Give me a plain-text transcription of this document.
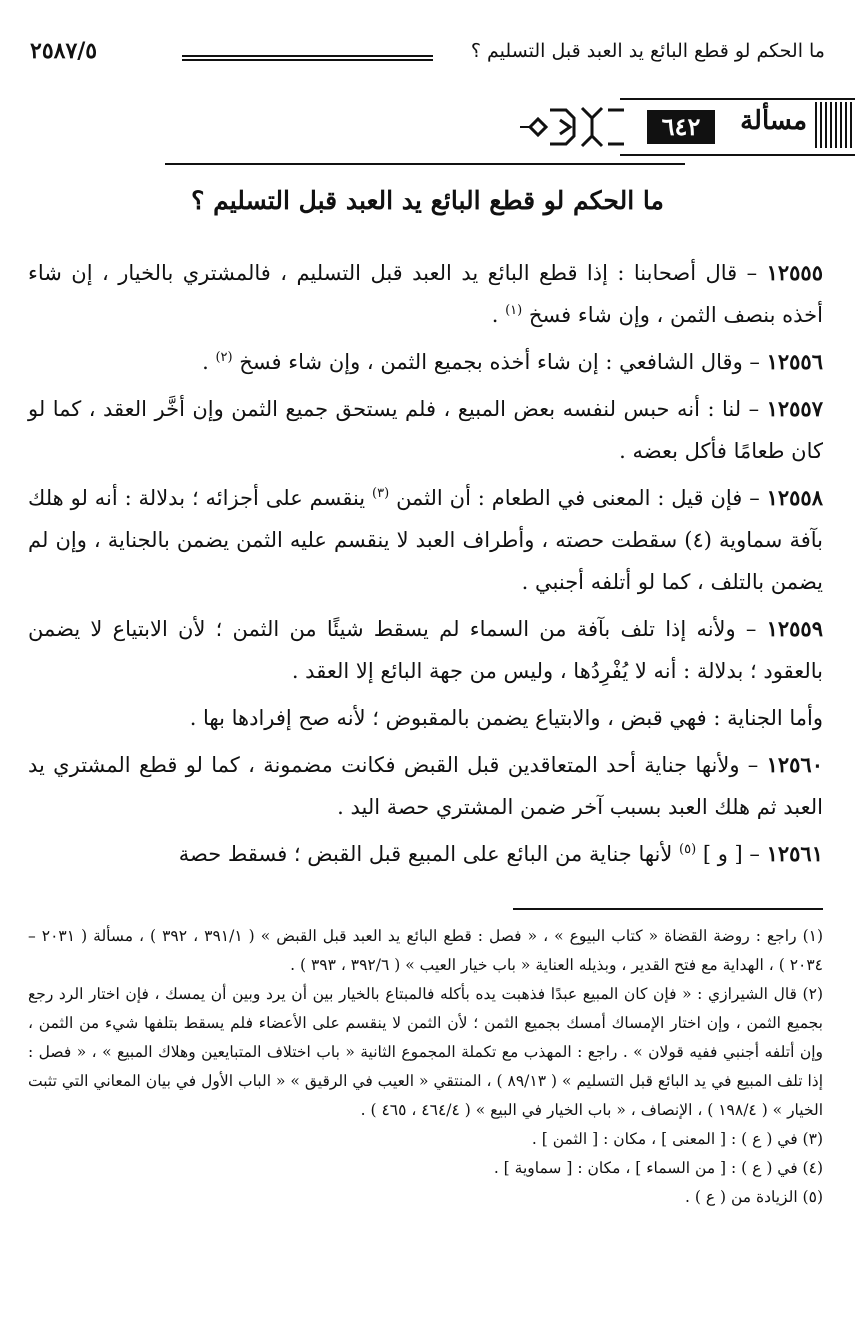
ما الحكم لو قطع البائع يد العبد قبل التسليم ؟
٢٥٨٧/٥
٦٤٢	مسألة
ما الحكم لو قطع البائع يد العبد قبل التسليم ؟

١٢٥٥٥ – قال أصحابنا : إذا قطع البائع يد العبد قبل التسليم ، فالمشتري بالخيار ، إن شاء أخذه بنصف الثمن ، وإن شاء فسخ $^{(١)}$ .

١٢٥٥٦ – وقال الشافعي : إن شاء أخذه بجميع الثمن ، وإن شاء فسخ $^{(٢)}$ .

١٢٥٥٧ – لنا : أنه حبس لنفسه بعض المبيع ، فلم يستحق جميع الثمن وإن أخَّر العقد ، كما لو كان طعامًا فأكل بعضه .

١٢٥٥٨ – فإن قيل : المعنى في الطعام : أن الثمن $^{(٣)}$ ينقسم على أجزائه ؛ بدلالة : أنه لو هلك بآفة سماوية (٤) سقطت حصته ، وأطراف العبد لا ينقسم عليه الثمن يضمن بالجناية ، وإن لم يضمن بالتلف ، كما لو أتلفه أجنبي .

١٢٥٥٩ – ولأنه إذا تلف بآفة من السماء لم يسقط شيئًا من الثمن ؛ لأن الابتياع لا يضمن بالعقود ؛ بدلالة : أنه لا يُفْرِدُها ، وليس من جهة البائع إلا العقد .

وأما الجناية : فهي قبض ، والابتياع يضمن بالمقبوض ؛ لأنه صح إفرادها بها .

١٢٥٦٠ – ولأنها جناية أحد المتعاقدين قبل القبض فكانت مضمونة ، كما لو قطع المشتري يد العبد ثم هلك العبد بسبب آخر ضمن المشتري حصة اليد .

١٢٥٦١ – [ و ] $^{(٥)}$ لأنها جناية من البائع على المبيع قبل القبض ؛ فسقط حصة

(١) راجع : روضة القضاة « كتاب البيوع » ، « فصل : قطع البائع يد العبد قبل القبض » ( ٣٩١/١ ، ٣٩٢ ) ، مسألة ( ٢٠٣١ – ٢٠٣٤ ) ، الهداية مع فتح القدير ، وبذيله العناية « باب خيار العيب » ( ٣٩٢/٦ ، ٣٩٣ ) .

(٢) قال الشيرازي : « فإن كان المبيع عبدًا فذهبت يده بأكله فالمبتاع بالخيار بين أن يرد وبين أن يمسك ، فإن اختار الرد رجع بجميع الثمن ، وإن اختار الإمساك أمسك بجميع الثمن ؛ لأن الثمن لا ينقسم على الأعضاء فلم يسقط بتلفها شيء من الثمن ، وإن أتلفه أجنبي ففيه قولان » . راجع : المهذب مع تكملة المجموع الثانية « باب اختلاف المتبايعين وهلاك المبيع » ، « فصل : إذا تلف المبيع في يد البائع قبل التسليم » ( ٨٩/١٣ ) ، المنتقي « العيب في الرقيق » « الباب الأول في بيان المعاني التي تثبت الخيار » ( ١٩٨/٤ ) ، الإنصاف ، « باب الخيار في البيع » ( ٤٦٤/٤ ، ٤٦٥ ) .

(٣) في ( ع ) : [ المعنى ] ، مكان : [ الثمن ] .

(٤) في ( ع ) : [ من السماء ] ، مكان : [ سماوية ] .

(٥) الزيادة من ( ع ) .
